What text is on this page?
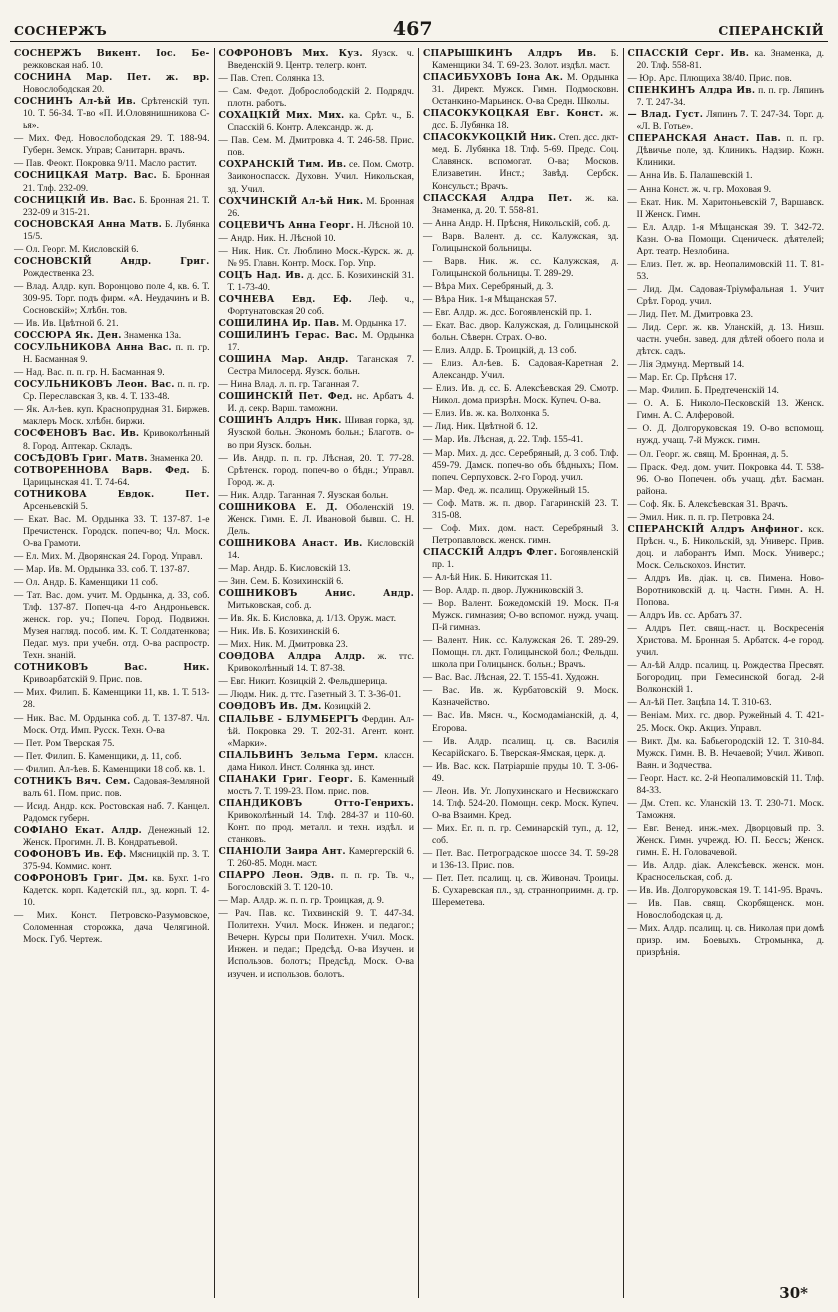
СОСНЕРЖЪ	467	СПЕРАНСКIЙ

СОСНЕРЖЪ Викент. Iос. Бе- режковская наб. 10.

СОСНИНА Мар. Пет. ж. вр. Новослободская 20.

СОСНИНЪ Ал-ѣй Ив. Срѣтенскiй туп. 10. Т. 56-34. Т-во «П. И.Оловянишникова С-ья».

— Мих. Фед. Новослободская 29. Т. 188-94. Губерн. Земск. Управ; Санитарн. врачъ.

— Пав. Феокт. Покровка 9/11. Масло растит.

СОСНИЦКАЯ Матр. Вас. Б. Бронная 21. Тлф. 232-09.

СОСНИЦКIЙ Ив. Вас. Б. Бронная 21. Т. 232-09 и 315-21.

СОСНОВСКАЯ Анна Матв. Б. Лубянка 15/5.

— Ол. Георг. М. Кисловскiй 6.

СОСНОВСКIЙ Андр. Григ. Рождественка 23.

— Влад. Алдр. куп. Воронцово поле 4, кв. 6. Т. 309-95. Торг. подъ фирм. «А. Неудачинъ и В. Сосновскiй»; Хлѣбн. тов.

— Ив. Ив. Цвѣтной б. 21.

СОССЮРА Як. Ден. Знаменка 13а.

СОСУЛЬНИКОВА Анна Вас. п. п. гр. Н. Басманная 9.

— Над. Вас. п. п. гр. Н. Басманная 9.

СОСУЛЬНИКОВЪ Леон. Вас. п. п. гр. Ср. Переславская 3, кв. 4. Т. 133-48.

— Як. Ал-ѣев. куп. Краснопрудная 31. Биржев. маклеръ Моск. хлѣбн. биржи.

СОСФЕНОВЪ Вас. Ив. Кривоколѣнный 8. Город. Аптекар. Складъ.

СОСѢДОВЪ Григ. Матв. Знаменка 20.

СОТВОРЕННОВА Варв. Фед. Б. Царицынская 41. Т. 74-64.

СОТНИКОВА Евдок. Пет. Арсеньевскiй 5.

— Екат. Вас. М. Ордынка 33. Т. 137-87. 1-е Пречистенск. Городск. попеч-во; Чл. Моск. О-ва Грамоти.

— Ел. Мих. М. Дворянская 24. Город. Управл.

— Мар. Ив. М. Ордынка 33. соб. Т. 137-87.

— Ол. Андр. Б. Каменщики 11 соб.

— Тат. Вас. дом. учит. М. Ордынка, д. 33, соб. Тлф. 137-87. Попеч-ца 4-го Андроньевск. женск. гор. уч.; Попеч. Город. Подвижн. Музея нагляд. пособ. им. К. Т. Солдатенкова; Педаг. муз. при учебн. отд. О-ва распростр. Техн. знанiй.

СОТНИКОВЪ Вас. Ник. Кривоарбатскiй 9. Прис. пов.

— Мих. Филип. Б. Каменщики 11, кв. 1. Т. 513-28.

— Ник. Вас. М. Ордынка соб. д. Т. 137-87. Чл. Моск. Отд. Имп. Русск. Техн. О-ва

— Пет. Ром Тверская 75.

— Пет. Филип. Б. Каменщики, д. 11, соб.

— Филип. Ал-ѣев. Б. Каменщики 18 соб. кв. 1.

СОТНИКЪ Вяч. Сем. Садовая-Земляной валъ 61. Пом. прис. пов.

— Исид. Андр. кск. Ростовская наб. 7. Канцел. Радомск губерн.

СОФIАНО Екат. Алдр. Денежный 12. Женск. Прогимн. Л. В. Кондратьевой.

СОФОНОВЪ Ив. Еф. Мясницкiй пр. 3. Т. 375-94. Коммис. конт.

СОФРОНОВЪ Григ. Дм. кв. Бухг. 1-го Кадетск. корп. Кадетскiй пл., зд. корп. Т. 4-10.

— Мих. Конст. Петровско-Разумовское, Соломенная сторожка, дача Челягиной. Моск. Губ. Чертеж.

СОФРОНОВЪ Мих. Куз. Яузск. ч. Введенскiй 9. Центр. телегр. конт.

— Пав. Степ. Солянка 13.

— Сам. Федот. Доброслободскiй 2. Подрядч. плотн. работъ.

СОХАЦКIЙ Мих. Мих. ка. Срѣт. ч., Б. Спасскiй 6. Контр. Александр. ж. д.

— Пав. Сем. М. Дмитровка 4. Т. 246-58. Прис. пов.

СОХРАНСКIЙ Тим. Ив. се. Пом. Смотр. Заиконоспасск. Духовн. Учил. Никольская, зд. Учил.

СОХЧИНСКIЙ Ал-ѣй Ник. М. Бронная 26.

СОЦЕВИЧЪ Анна Георг. Н. Лѣсной 10.

— Андр. Ник. Н. Лѣсной 10.

— Ник. Ник. Ст. Люблино Моск.-Курск. ж. д. № 95. Главн. Контр. Моск. Гор. Упр.

СОЦЪ Над. Ив. д. дсс. Б. Козихинскiй 31. Т. 1-73-40.

СОЧНЕВА Евд. Еф. Леф. ч., Фортунатовская 20 соб.

СОШИЛИНА Ир. Пав. М. Ордынка 17.

СОШИЛИНЪ Герас. Вас. М. Ордынка 17.

СОШИНА Мар. Андр. Таганская 7. Сестра Милосерд. Яузск. больн.

— Нина Влад. л. п. гр. Таганная 7.

СОШИНСКIЙ Пет. Фед. нс. Арбатъ 4. И. д. секр. Варш. таможни.

СОШИНЪ Алдръ Ник. Шивая горка, зд. Яузской больн. Экономъ больн.; Благотв. о-во при Яузск. больн.

— Ив. Андр. п. п. гр. Лѣсная, 20. Т. 77-28. Срѣтенск. город. попеч-во о бѣдн.; Управл. Город. ж. д.

— Ник. Алдр. Таганная 7. Яузская больн.

СОШНИКОВА Е. Д. Оболенскiй 19. Женск. Гимн. Е. Л. Ивановой бывш. С. Н. Дель.

СОШНИКОВА Анаст. Ив. Кисловскiй 14.

— Мар. Андр. Б. Кисловскiй 13.

— Зин. Сем. Б. Козихинскiй 6.

СОШНИКОВЪ Анис. Андр. Митьковская, соб. д.

— Ив. Як. Б. Кисловка, д. 1/13. Оруж. маст.

— Ник. Ив. Б. Козихинскiй 6.

— Мих. Ник. М. Дмитровка 23.

СОѲДОВА Алдра Алдр. ж. ттс. Кривоколѣнный 14. Т. 87-38.

— Евг. Никит. Козицкiй 2. Фельдшерица.

— Людм. Ник. д. ттс. Газетный 3. Т. 3-36-01.

СОѲДОВЪ Ив. Дм. Козицкiй 2.

СПАЛЬВЕ - БЛУМБЕРГЪ Фердин. Ал-ѣй. Покровка 29. Т. 202-31. Агент. конт. «Марки».

СПАЛЬВИНЪ Зельма Герм. классн. дама Никол. Инст. Солянка зд. инст.

СПАНАКИ Григ. Георг. Б. Каменный мостъ 7. Т. 199-23. Пом. прис. пов.

СПАНДИКОВЪ Отто-Генрихъ. Кривоколѣнный 14. Тлф. 284-37 и 110-60. Конт. по прод. металл. и техн. издѣл. и станковъ.

СПАНIОЛИ Заира Ант. Камергерскiй 6. Т. 260-85. Модн. маст.

СПАРРО Леон. Эдв. п. п. гр. Тв. ч., Богословскiй 3. Т. 120-10.

— Мар. Алдр. ж. п. п. гр. Троицкая, д. 9.

— Рач. Пав. кс. Тихвинскiй 9. Т. 447-34. Политехн. Учил. Моск. Инжен. и педагог.; Вечерн. Курсы при Политехн. Учил. Моск. Инжен. и педаг.; Предсѣд. О-ва Изучен. и Использов. болотъ; Предсѣд. Моск. О-ва изучен. и использов. болотъ.

СПАРЫШКИНЪ Алдръ Ив. Б. Каменщики 34. Т. 69-23. Золот. издѣл. маст.

СПАСИБУХОВЪ Iона Ак. М. Ордынка 31. Директ. Мужск. Гимн. Подмосковн. Останкино-Марьинск. О-ва Средн. Школы.

СПАСОКУКОЦКАЯ Евг. Конст. ж. дсс. Б. Лубянка 18.

СПАСОКУКОЦКIЙ Ник. Степ. дсс. дкт-мед. Б. Лубянка 18. Тлф. 5-69. Предс. Соц. Славянск. вспомогат. О-ва; Москов. Елизаветин. Инст.; Завѣд. Сербск. Консульст.; Врачъ.

СПАССКАЯ Алдра Пет. ж. ка. Знаменка, д. 20. Т. 558-81.

— Анна Андр. Н. Прѣсня, Никольскiй, соб. д.

— Варв. Валент. д. сс. Калужская, зд. Голицынской больницы.

— Варв. Ник. ж. сс. Калужская, д. Голицынской больницы. Т. 289-29.

— Вѣра Мих. Серебряный, д. 3.

— Вѣра Ник. 1-я Мѣщанская 57.

— Евг. Алдр. ж. дсс. Богоявленскiй пр. 1.

— Екат. Вас. двор. Калужская, д. Голицынской больн. Сѣверн. Страх. О-во.

— Елиз. Алдр. Б. Троицкiй, д. 13 соб.

— Елиз. Ал-ѣев. Б. Садовая-Каретная 2. Александр. Учил.

— Елиз. Ив. д. сс. Б. Алексѣевская 29. Смотр. Никол. дома призрѣн. Моск. Купеч. О-ва.

— Елиз. Ив. ж. ка. Волхонка 5.

— Лид. Ник. Цвѣтной б. 12.

— Мар. Ив. Лѣсная, д. 22. Тлф. 155-41.

— Мар. Мих. д. дсс. Серебряный, д. 3 соб. Тлф. 459-79. Дамск. попеч-во объ бѣдныхъ; Пом. попеч. Серпуховск. 2-го Город. учил.

— Мар. Фед. ж. псалищ. Оружейный 15.

— Соф. Матв. ж. п. двор. Гагаринскiй 23. Т. 315-08.

— Соф. Мих. дом. наст. Серебряный 3. Петропавловск. женск. гимн.

СПАССКIЙ Алдръ Флег. Богоявленскiй пр. 1.

— Ал-ѣй Ник. Б. Никитская 11.

— Вор. Алдр. п. двор. Лужниковскiй 3.

— Вор. Валент. Божедомскiй 19. Моск. П-я Мужск. гимназия; О-во вспомог. нужд. учащ. П-й гимназ.

— Валент. Ник. сс. Калужская 26. Т. 289-29. Помощн. гл. дкт. Голицынской бол.; Фельдш. школа при Голицынск. больн.; Врачъ.

— Вас. Вас. Лѣсная, 22. Т. 155-41. Художн.

— Вас. Ив. ж. Курбатовскiй 9. Моск. Казначейство.

— Вас. Ив. Мясн. ч., Космодамiанскiй, д. 4, Егорова.

— Ив. Алдр. псалищ. ц. св. Василiя Кесарiйскаго. Б. Тверская-Ямская, церк. д.

— Ив. Вас. кск. Патрiаршiе пруды 10. Т. 3-06-49.

— Леон. Ив. Уг. Лопухинскаго и Несвижскаго 14. Тлф. 524-20. Помощн. секр. Моск. Купеч. О-ва Взаимн. Кред.

— Мих. Ег. п. п. гр. Семинарскiй туп., д. 12, соб.

— Пет. Вас. Петроградское шоссе 34. Т. 59-28 и 136-13. Прис. пов.

— Пет. Пет. псалищ. ц. св. Живонач. Троицы. Б. Сухаревская пл., зд. странноприимн. д. гр. Шереметева.

СПАССКIЙ Серг. Ив. ка. Знаменка, д. 20. Тлф. 558-81.

— Юр. Арс. Плющиха 38/40. Прис. пов.

СПЕНКИНЪ Алдра Ив. п. п. гр. Ляпинъ 7. Т. 247-34.

— Влад. Густ. Ляпинъ 7. Т. 247-34. Торг. д. «Л. В. Готье».

СПЕРАНСКАЯ Анаст. Пав. п. п. гр. Дѣвичье поле, зд. Клиникъ. Надзир. Кожн. Клиники.

— Анна Ив. Б. Палашевскiй 1.

— Анна Конст. ж. ч. гр. Моховая 9.

— Екат. Ник. М. Харитоньевскiй 7, Варшавск. II Женск. Гимн.

— Ел. Алдр. 1-я Мѣщанская 39. Т. 342-72. Казн. О-ва Помощи. Сценическ. дѣятелей; Арт. театр. Незлобина.

— Елиз. Пет. ж. вр. Неопалимовскiй 11. Т. 81-53.

— Лид. Дм. Садовая-Трiумфальная 1. Учит Срѣт. Город. учил.

— Лид. Пет. М. Дмитровка 23.

— Лид. Серг. ж. кв. Уланскiй, д. 13. Низш. частн. учебн. завед. для дѣтей обоего пола и дѣтск. садъ.

— Лiя Эдмунд. Мертвый 14.

— Мар. Ег. Ср. Прѣсня 17.

— Мар. Филип. Б. Предтеченскiй 14.

— О. А. Б. Николо-Песковскiй 13. Женск. Гимн. А. С. Алферовой.

— О. Д. Долгоруковская 19. О-во вспомощ. нужд. учащ. 7-й Мужск. гимн.

— Ол. Георг. ж. свящ. М. Бронная, д. 5.

— Праск. Фед. дом. учит. Покровка 44. Т. 538-96. О-во Попечен. объ учащ. дѣт. Басман. района.

— Соф. Як. Б. Алексѣевская 31. Врачъ.

— Эмил. Ник. п. п. гр. Петровка 24.

СПЕРАНСКIЙ Алдръ Анфиног. кск. Прѣсн. ч., Б. Никольскiй, зд. Универс. Прив. доц. и лаборантъ Имп. Моск. Универс.; Моск. Сельскохоз. Инстит.

— Алдръ Ив. дiак. ц. св. Пимена. Ново-Воротниковскiй д. ц. Частн. Гимн. А. Н. Попова.

— Алдръ Ив. сс. Арбатъ 37.

— Алдръ Пет. свящ.-наст. ц. Воскресенiя Христова. М. Бронная 5. Арбатск. 4-е город. учил.

— Ал-ѣй Алдр. псалищ. ц. Рождества Пресвят. Богородиц. при Гемесинской богад. 2-й Волконскiй 1.

— Ал-ѣй Пет. Зацѣпа 14. Т. 310-63.

— Венiам. Мих. гс. двор. Ружейный 4. Т. 421-25. Моск. Окр. Акциз. Управл.

— Викт. Дм. ка. Бабьегородскiй 12. Т. 310-84. Мужск. Гимн. В. В. Нечаевой; Учил. Живоп. Ваян. и Зодчества.

— Георг. Наст. кс. 2-й Неопалимовскiй 11. Тлф. 84-33.

— Дм. Степ. кс. Уланскiй 13. Т. 230-71. Моск. Таможня.

— Евг. Венед. инж.-мех. Дворцовый пр. 3. Женск. Гимн. учрежд. Ю. П. Бессъ; Женск. гимн. Е. Н. Головачевой.

— Ив. Алдр. дiак. Алексѣевск. женск. мон. Красносельская, соб. д.

— Ив. Ив. Долгоруковская 19. Т. 141-95. Врачъ.

— Ив. Пав. свящ. Скорбященск. мон. Новослободская ц. д.

— Мих. Алдр. псалищ. ц. св. Николая при домѣ призр. им. Боевыхъ. Стромынка, д. призрѣнiя.

30*
